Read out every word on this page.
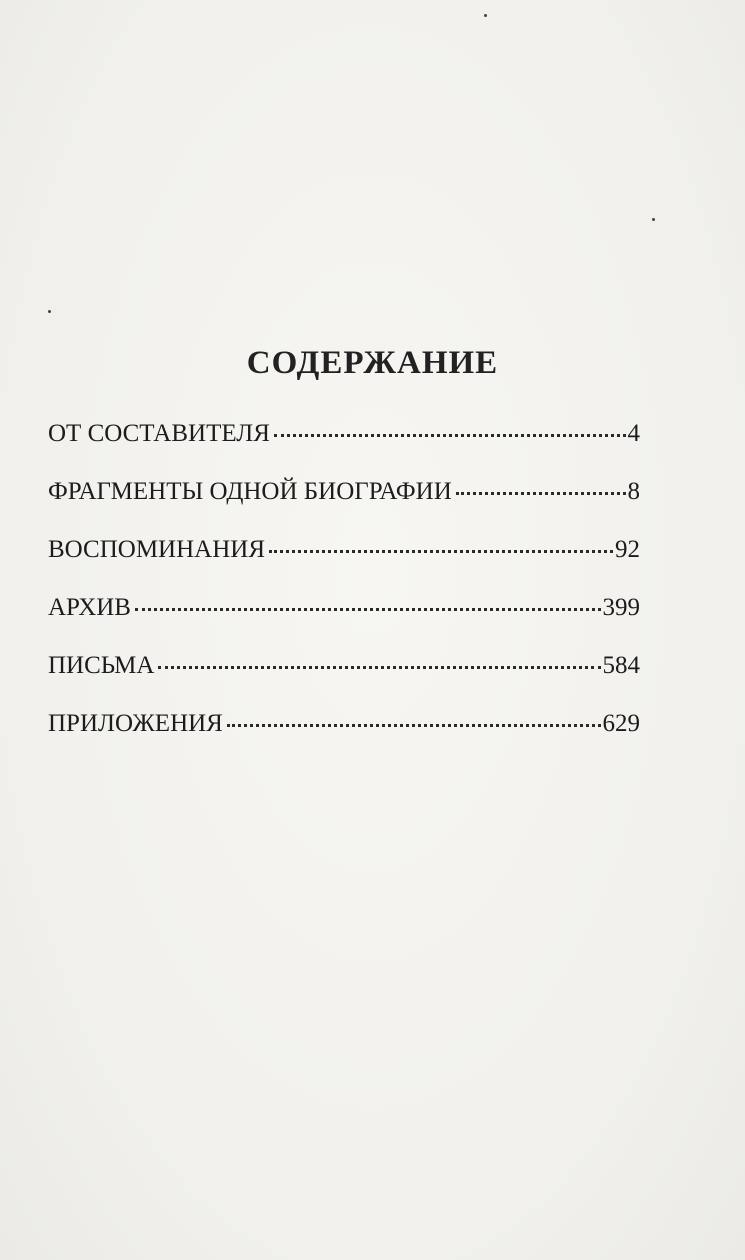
СОДЕРЖАНИЕ
ОТ СОСТАВИТЕЛЯ	4
ФРАГМЕНТЫ ОДНОЙ БИОГРАФИИ	8
ВОСПОМИНАНИЯ	92
АРХИВ	399
ПИСЬМА	584
ПРИЛОЖЕНИЯ	629
